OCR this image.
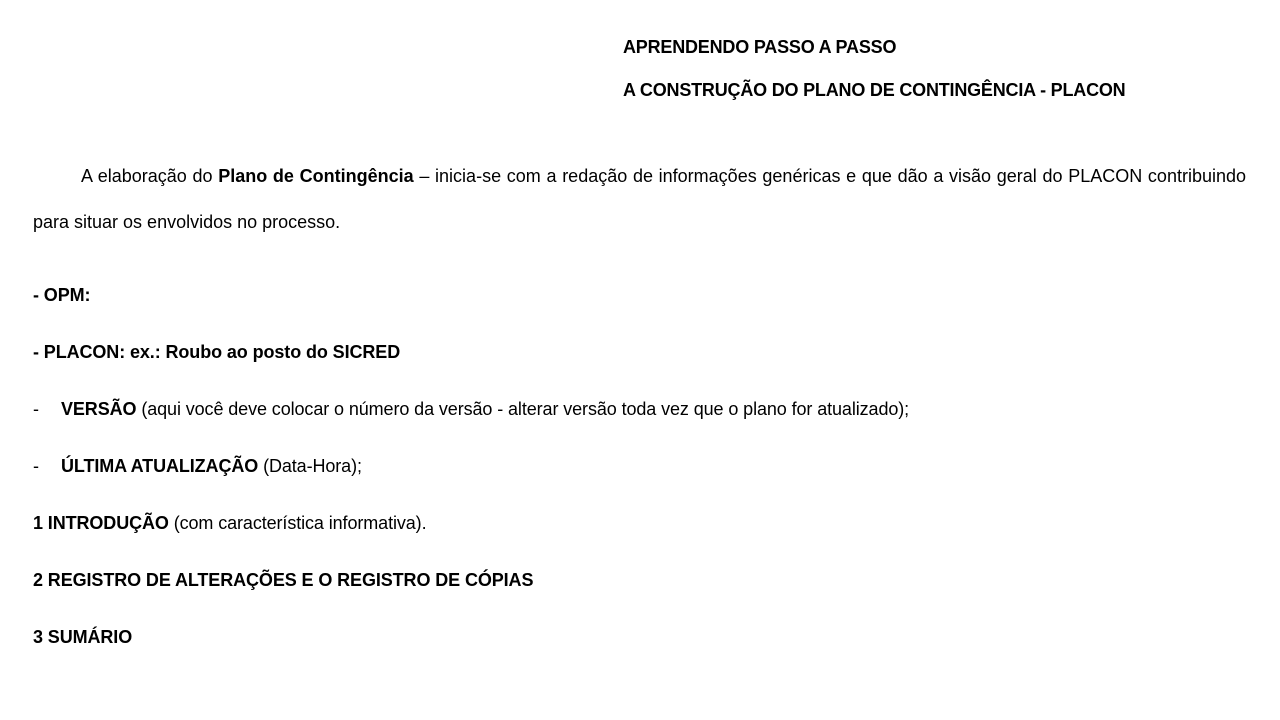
APRENDENDO PASSO A PASSO
A CONSTRUÇÃO DO PLANO DE CONTINGÊNCIA - PLACON

A elaboração do Plano de Contingência – inicia-se com a redação de informações genéricas e que dão a visão geral do PLACON contribuindo para situar os envolvidos no processo.

- OPM:
- PLACON: ex.: Roubo ao posto do SICRED
- VERSÃO (aqui você deve colocar o número da versão - alterar versão toda vez que o plano for atualizado);
- ÚLTIMA ATUALIZAÇÃO (Data-Hora);
1 INTRODUÇÃO (com característica informativa).
2 REGISTRO DE ALTERAÇÕES E O REGISTRO DE CÓPIAS
3 SUMÁRIO
